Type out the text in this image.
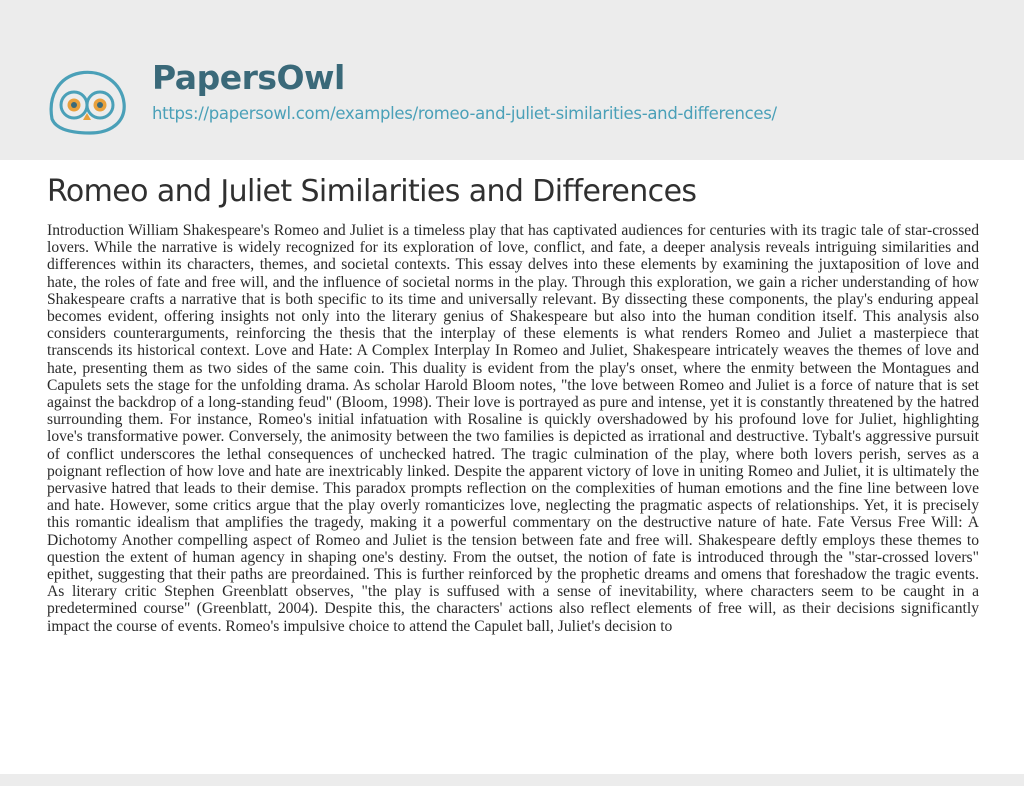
PapersOwl
https://papersowl.com/examples/romeo-and-juliet-similarities-and-differences/
Romeo and Juliet Similarities and Differences

Introduction William Shakespeare's Romeo and Juliet is a timeless play that has captivated audiences for centuries with its tragic tale of star-crossed lovers. While the narrative is widely recognized for its exploration of love, conflict, and fate, a deeper analysis reveals intriguing similarities and differences within its characters, themes, and societal contexts. This essay delves into these elements by examining the juxtaposition of love and hate, the roles of fate and free will, and the influence of societal norms in the play. Through this exploration, we gain a richer understanding of how Shakespeare crafts a narrative that is both specific to its time and universally relevant. By dissecting these components, the play's enduring appeal becomes evident, offering insights not only into the literary genius of Shakespeare but also into the human condition itself. This analysis also considers counterarguments, reinforcing the thesis that the interplay of these elements is what renders Romeo and Juliet a masterpiece that transcends its historical context. Love and Hate: A Complex Interplay In Romeo and Juliet, Shakespeare intricately weaves the themes of love and hate, presenting them as two sides of the same coin. This duality is evident from the play's onset, where the enmity between the Montagues and Capulets sets the stage for the unfolding drama. As scholar Harold Bloom notes, "the love between Romeo and Juliet is a force of nature that is set against the backdrop of a long-standing feud" (Bloom, 1998). Their love is portrayed as pure and intense, yet it is constantly threatened by the hatred surrounding them. For instance, Romeo's initial infatuation with Rosaline is quickly overshadowed by his profound love for Juliet, highlighting love's transformative power. Conversely, the animosity between the two families is depicted as irrational and destructive. Tybalt's aggressive pursuit of conflict underscores the lethal consequences of unchecked hatred. The tragic culmination of the play, where both lovers perish, serves as a poignant reflection of how love and hate are inextricably linked. Despite the apparent victory of love in uniting Romeo and Juliet, it is ultimately the pervasive hatred that leads to their demise. This paradox prompts reflection on the complexities of human emotions and the fine line between love and hate. However, some critics argue that the play overly romanticizes love, neglecting the pragmatic aspects of relationships. Yet, it is precisely this romantic idealism that amplifies the tragedy, making it a powerful commentary on the destructive nature of hate. Fate Versus Free Will: A Dichotomy Another compelling aspect of Romeo and Juliet is the tension between fate and free will. Shakespeare deftly employs these themes to question the extent of human agency in shaping one's destiny. From the outset, the notion of fate is introduced through the "star-crossed lovers" epithet, suggesting that their paths are preordained. This is further reinforced by the prophetic dreams and omens that foreshadow the tragic events. As literary critic Stephen Greenblatt observes, "the play is suffused with a sense of inevitability, where characters seem to be caught in a predetermined course" (Greenblatt, 2004). Despite this, the characters' actions also reflect elements of free will, as their decisions significantly impact the course of events. Romeo's impulsive choice to attend the Capulet ball, Juliet's decision to
